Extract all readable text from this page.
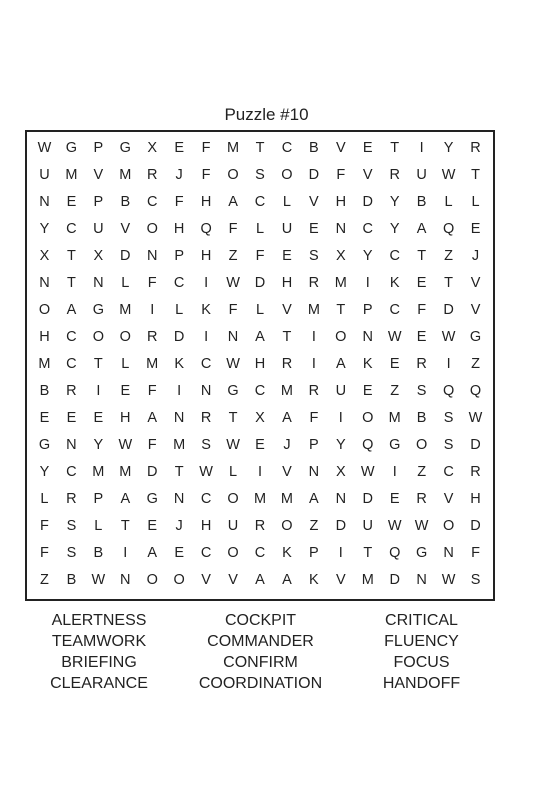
Puzzle #10
W G	P	G	X	E	F	M	T	C	B	V	E	T	I	Y	R
U	M	V	M	R	J	F	O	S	O	D	F	V	R	U	W	T
N	E	P	B	C	F	H	A	C	L	V	H	D	Y	B	L	L
Y	C	U	V	O	H	Q	F	L	U	E	N	C	Y	A	Q	E
X	T	X	D	N	P	H	Z	F	E	S	X	Y	C	T	Z	J
N	T	N	L	F	C	I	W	D	H	R	M	I	K	E	T	V
O	A	G	M	I	L	K	F	L	V	M	T	P	C	F	D	V
H	C	O	O	R	D	I	N	A	T	I	O	N	W	E	W G
M	C	T	L	M	K	C	W	H	R	I	A	K	E	R	I	Z
B	R	I	E	F	I	N	G	C	M	R	U	E	Z	S	Q	Q
E	E	E	H	A	N	R	T	X	A	F	I	O	M	B	S	W
G	N	Y	W	F	M	S	W	E	J	P	Y	Q	G	O	S	D
Y	C	M	M	D	T	W	L	I	V	N	X	W	I	Z	C	R
L	R	P	A	G	N	C	O	M	M	A	N	D	E	R	V	H
F	S	L	T	E	J	H	U	R	O	Z	D	U	W W O	D
F	S	B	I	A	E	C	O	C	K	P	I	T	Q	G	N	F
Z	B	W	N	O	O	V	V	A	A	K	V	M	D	N	W	S
ALERTNESS
TEAMWORK
BRIEFING
CLEARANCE
COCKPIT
COMMANDER
CONFIRM
COORDINATION
CRITICAL
FLUENCY
FOCUS
HANDOFF
